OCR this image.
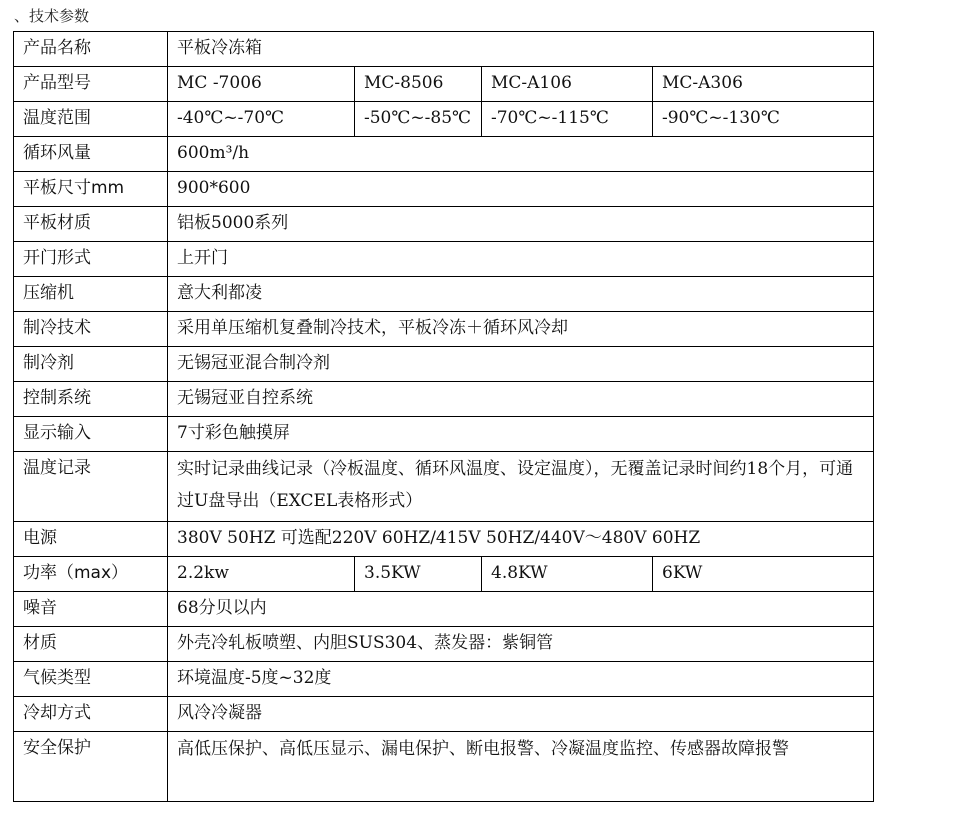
、技术参数
产品名称	平板冷冻箱			
产品型号	MC -7006	MC-8506	MC-A106	MC-A306
温度范围	-40℃~-70℃	-50℃~-85℃	-70℃~-115℃	-90℃~-130℃
循环风量	600m³/h			
平板尺寸mm	900*600			
平板材质	铝板5000系列			
开门形式	上开门			
压缩机	意大利都凌			
制冷技术	采用单压缩机复叠制冷技术，平板冷冻＋循环风冷却			
制冷剂	无锡冠亚混合制冷剂			
控制系统	无锡冠亚自控系统			
显示输入	7寸彩色触摸屏			
温度记录	实时记录曲线记录（冷板温度、循环风温度、设定温度），无覆盖记录时间约18个月，可通过U盘导出（EXCEL表格形式）			
电源	380V 50HZ 可选配220V 60HZ/415V 50HZ/440V～480V 60HZ			
功率（max）	2.2kw	3.5KW	4.8KW	6KW
噪音	68分贝以内			
材质	外壳冷轧板喷塑、内胆SUS304、蒸发器：紫铜管			
气候类型	环境温度-5度~32度			
冷却方式	风冷冷凝器			
安全保护	高低压保护、高低压显示、漏电保护、断电报警、冷凝温度监控、传感器故障报警			
